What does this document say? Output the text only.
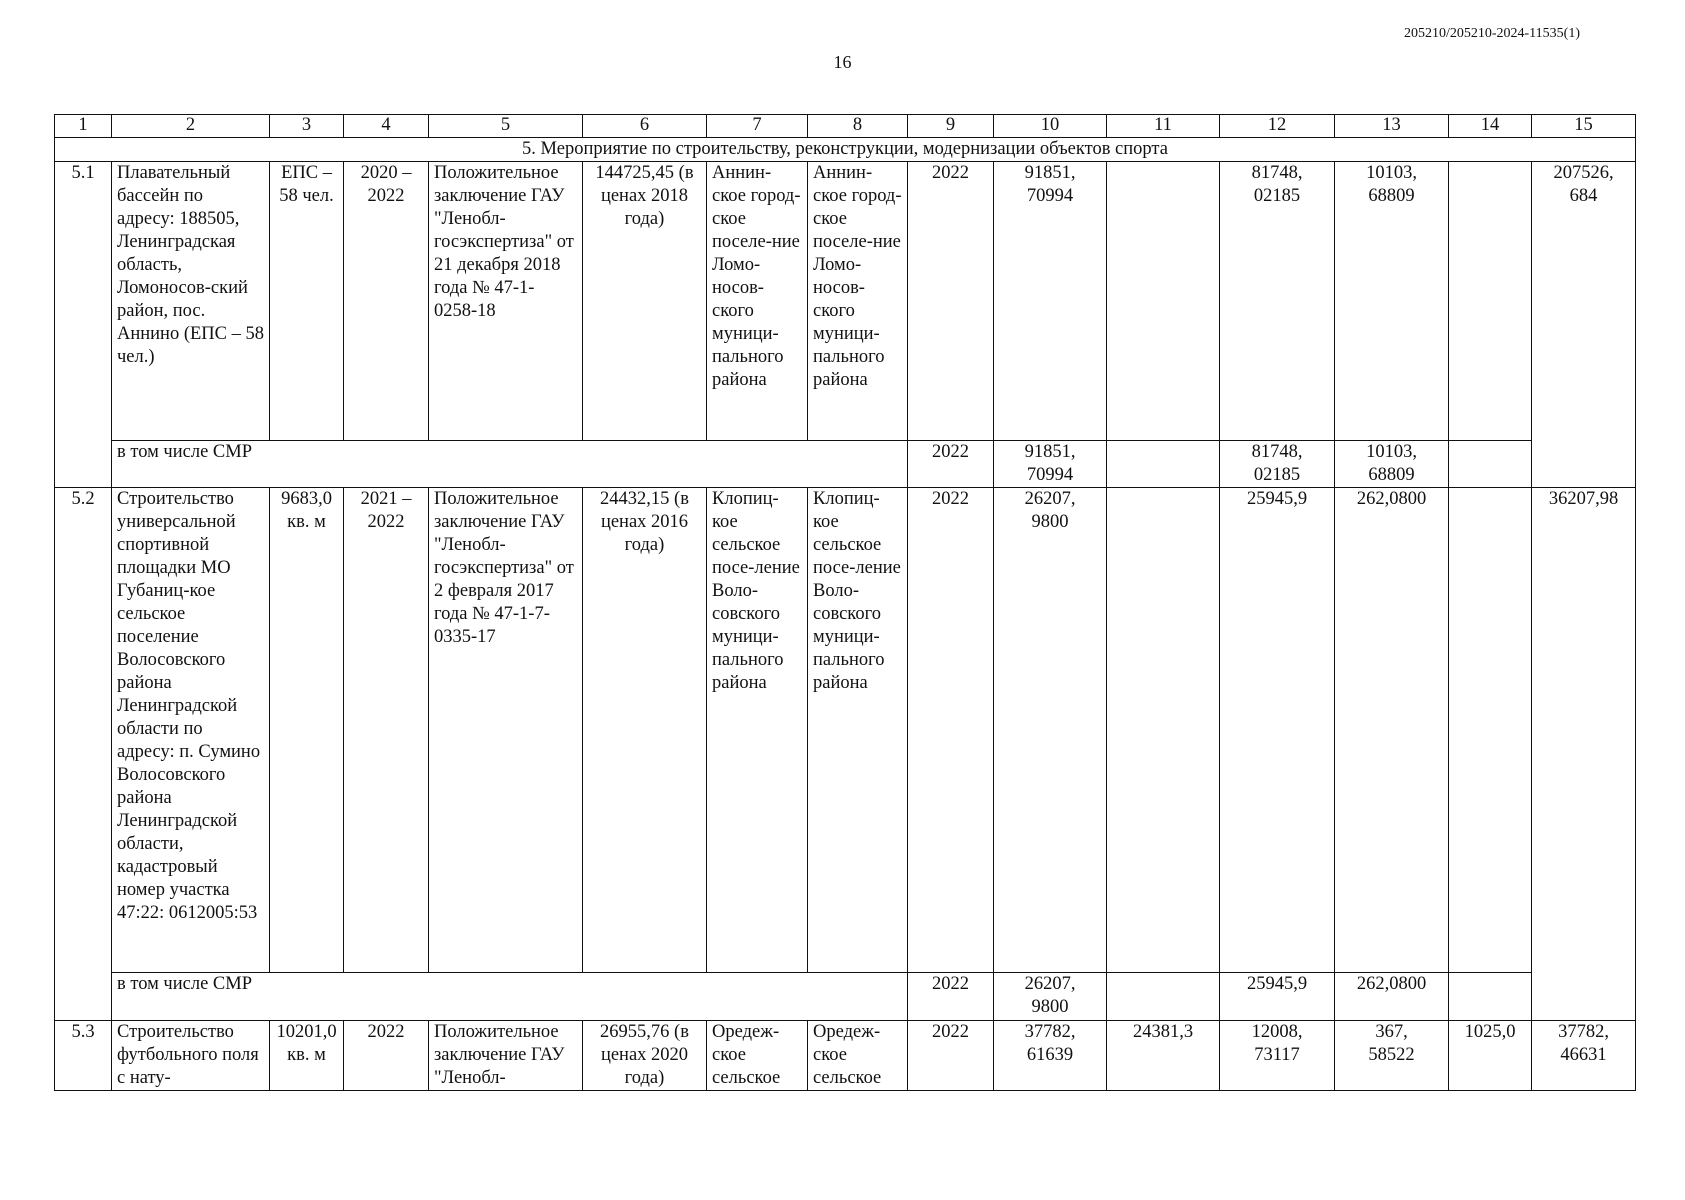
205210/205210-2024-11535(1)
16
1	2	3	4	5	6	7	8	9	10	11	12	13	14	15
5. Мероприятие по строительству, реконструкции, модернизации объектов спорта														
5.1	Плавательный бассейн по адресу: 188505, Ленинградская область, Ломоносов-ский район, пос. Аннино (ЕПС – 58 чел.)	ЕПС – 58 чел.	2020 – 2022	Положительное заключение ГАУ "Ленобл-госэкспертиза" от 21 декабря 2018 года № 47-1-0258-18	144725,45 (в ценах 2018 года)	Аннин-ское город-ское поселе-ние Ломо-носов-ского муници-пального района	Аннин-ское город-ское поселе-ние Ломо-носов-ского муници-пального района	2022	91851,
70994		81748,
02185	10103,
68809		207526,
684
	в том числе СМР							2022	91851,
70994		81748,
02185	10103,
68809		
5.2	Строительство универсальной спортивной площадки МО Губаниц-кое сельское поселение Волосовского района Ленинградской области по адресу: п. Сумино Волосовского района Ленинградской области, кадастровый номер участка 47:22: 0612005:53	9683,0 кв. м	2021 – 2022	Положительное заключение ГАУ "Ленобл-госэкспертиза" от 2 февраля 2017 года № 47-1-7-0335-17	24432,15 (в ценах 2016 года)	Клопиц-кое сельское посе-ление Воло-совского муници-пального района	Клопиц-кое сельское посе-ление Воло-совского муници-пального района	2022	26207,
9800		25945,9	262,0800		36207,98
	в том числе СМР							2022	26207,
9800		25945,9	262,0800		
5.3	Строительство футбольного поля с нату-	10201,0 кв. м	2022	Положительное заключение ГАУ "Ленобл-	26955,76 (в ценах 2020 года)	Оредеж-ское сельское	Оредеж-ское сельское	2022	37782,
61639	24381,3	12008,
73117	367,
58522	1025,0	37782,
46631
